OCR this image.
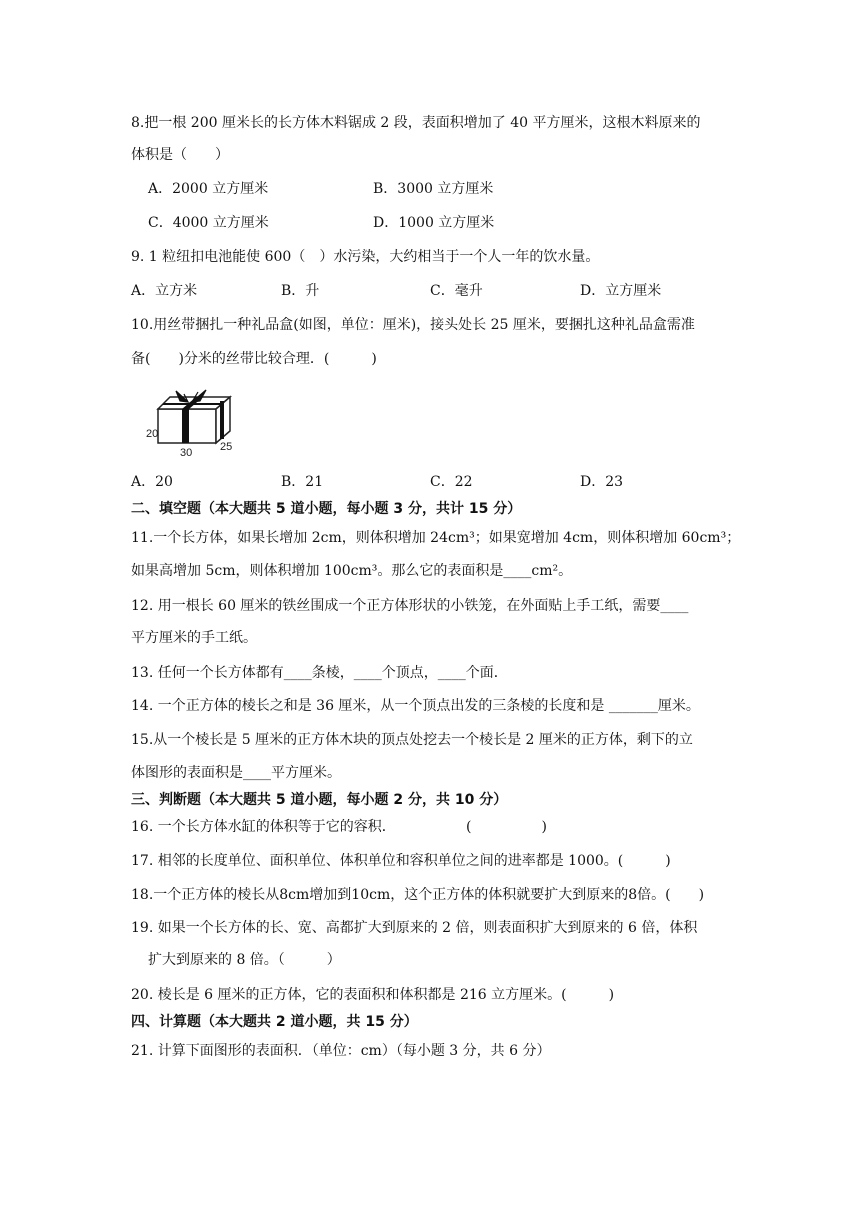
8.把一根 200 厘米长的长方体木料锯成 2 段，表面积增加了 40 平方厘米，这根木料原来的
体积是（　　）
A．2000 立方厘米	B．3000 立方厘米
C．4000 立方厘米	D．1000 立方厘米
9. 1 粒纽扣电池能使 600（　）水污染，大约相当于一个人一年的饮水量。
A．立方米	B．升	C．毫升	D．立方厘米
10.用丝带捆扎一种礼品盒(如图，单位：厘米)，接头处长 25 厘米，要捆扎这种礼品盒需准
备(　　)分米的丝带比较合理．(　　　)
20
30	25
A．20	B．21	C．22	D．23
二、填空题（本大题共 5 道小题，每小题 3 分，共计 15 分）
11.一个长方体，如果长增加 2cm，则体积增加 24cm³；如果宽增加 4cm，则体积增加 60cm³；
如果高增加 5cm，则体积增加 100cm³。那么它的表面积是____cm²。
12. 用一根长 60 厘米的铁丝围成一个正方体形状的小铁笼，在外面贴上手工纸，需要____
平方厘米的手工纸。
13. 任何一个长方体都有____条棱，____个顶点，____个面．
14. 一个正方体的棱长之和是 36 厘米，从一个顶点出发的三条棱的长度和是 _______厘米。
15.从一个棱长是 5 厘米的正方体木块的顶点处挖去一个棱长是 2 厘米的正方体，剩下的立
体图形的表面积是____平方厘米。
三、判断题（本大题共 5 道小题，每小题 2 分，共 10 分）
16. 一个长方体水缸的体积等于它的容积．	(　　　　　)
17. 相邻的长度单位、面积单位、体积单位和容积单位之间的进率都是 1000。(　　　)
18.一个正方体的棱长从8cm增加到10cm，这个正方体的体积就要扩大到原来的8倍。(　　)
19. 如果一个长方体的长、宽、高都扩大到原来的 2 倍，则表面积扩大到原来的 6 倍，体积
扩大到原来的 8 倍。（　　　）
20. 棱长是 6 厘米的正方体，它的表面积和体积都是 216 立方厘米。(　　　)
四、计算题（本大题共 2 道小题，共 15 分）
21. 计算下面图形的表面积．（单位：cm）（每小题 3 分，共 6 分）
